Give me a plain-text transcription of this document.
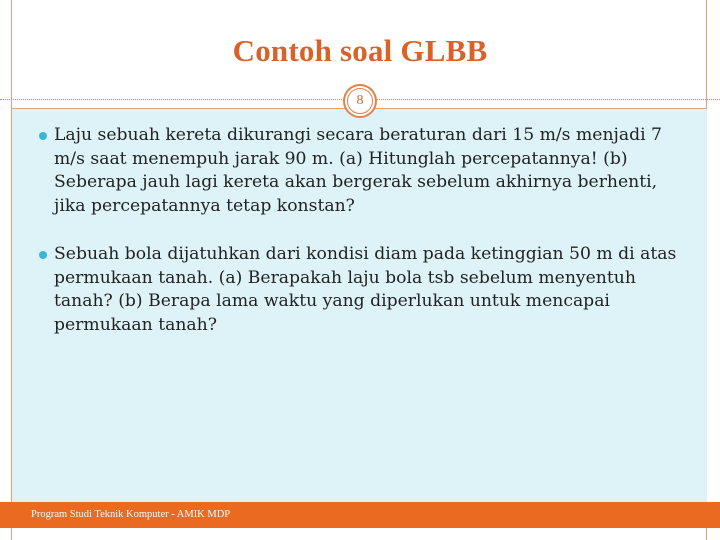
Contoh soal GLBB
8
Laju sebuah kereta dikurangi secara beraturan dari 15 m/s menjadi 7 m/s saat menempuh jarak 90 m. (a) Hitunglah percepatannya! (b) Seberapa jauh lagi kereta akan bergerak sebelum akhirnya berhenti, jika percepatannya tetap konstan?
Sebuah bola dijatuhkan dari kondisi diam pada ketinggian 50 m di atas permukaan tanah. (a) Berapakah laju bola tsb sebelum menyentuh tanah? (b) Berapa lama waktu yang diperlukan untuk mencapai permukaan tanah?
Program Studi Teknik Komputer - AMIK MDP
